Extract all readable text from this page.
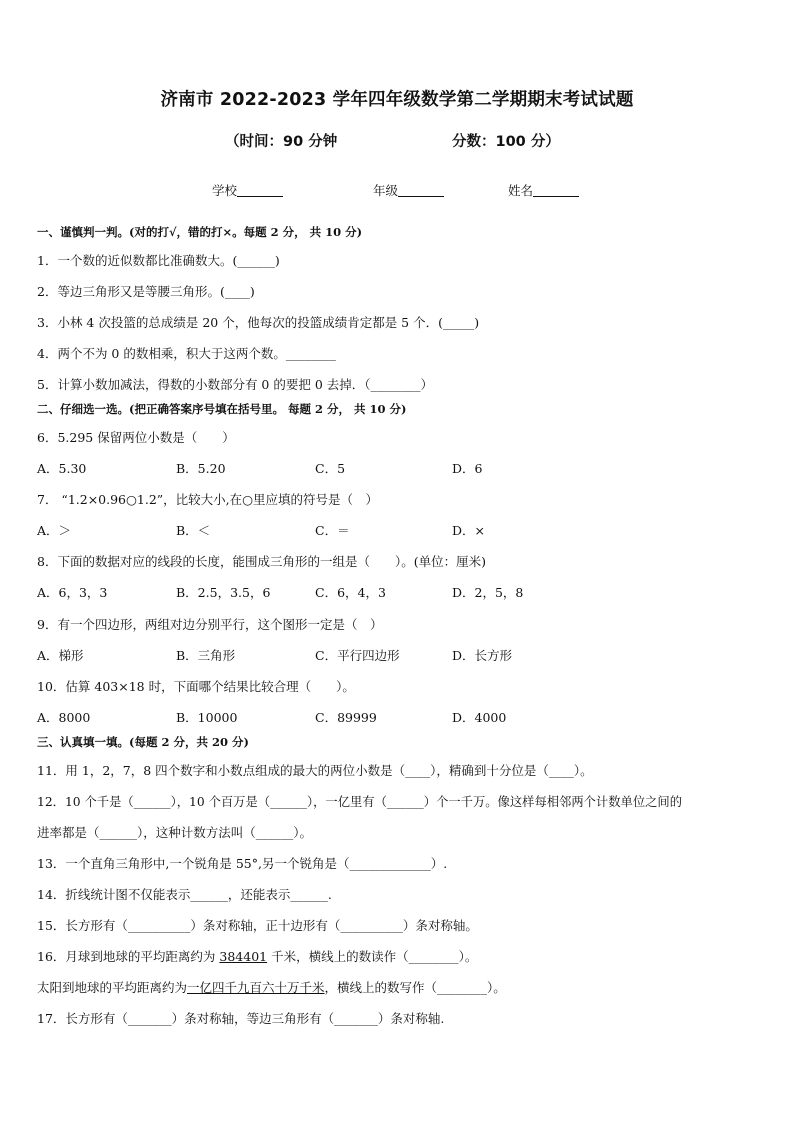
济南市 2022-2023 学年四年级数学第二学期期末考试试题
（时间：90 分钟	分数：100 分）
学校	年级	姓名
一、谨慎判一判。(对的打√，错的打×。每题 2 分， 共 10 分)
1．一个数的近似数都比准确数大。(______)
2．等边三角形又是等腰三角形。(____)
3．小林 4 次投篮的总成绩是 20 个，他每次的投篮成绩肯定都是 5 个．(_____)
4．两个不为 0 的数相乘，积大于这两个数。________
5．计算小数加减法，得数的小数部分有 0 的要把 0 去掉．（________）
二、仔细选一选。(把正确答案序号填在括号里。 每题 2 分， 共 10 分)
6．5.295 保留两位小数是（　　）
A．5.30	B．5.20	C．5	D．6
7． “1.2×0.96○1.2”，比较大小,在○里应填的符号是（　）
A．＞	B．＜	C．＝	D．×
8．下面的数据对应的线段的长度，能围成三角形的一组是（　　）。(单位：厘米)
A．6，3，3	B．2.5，3.5，6	C．6，4，3	D．2，5，8
9．有一个四边形，两组对边分别平行，这个图形一定是（　）
A．梯形	B．三角形	C．平行四边形	D．长方形
10．估算 403×18 时，下面哪个结果比较合理（　　）。
A．8000	B．10000	C．89999	D．4000
三、认真填一填。(每题 2 分，共 20 分)
11．用 1，2，7，8 四个数字和小数点组成的最大的两位小数是（____），精确到十分位是（____）。
12．10 个千是（______），10 个百万是（______），一亿里有（______）个一千万。像这样每相邻两个计数单位之间的
进率都是（______），这种计数方法叫（______）。
13．一个直角三角形中,一个锐角是 55°,另一个锐角是（_____________）.
14．折线统计图不仅能表示______，还能表示______.
15．长方形有（__________）条对称轴，正十边形有（__________）条对称轴。
16．月球到地球的平均距离约为 384401 千米，横线上的数读作（________）。
太阳到地球的平均距离约为一亿四千九百六十万千米，横线上的数写作（________）。
17．长方形有（_______）条对称轴，等边三角形有（_______）条对称轴.
